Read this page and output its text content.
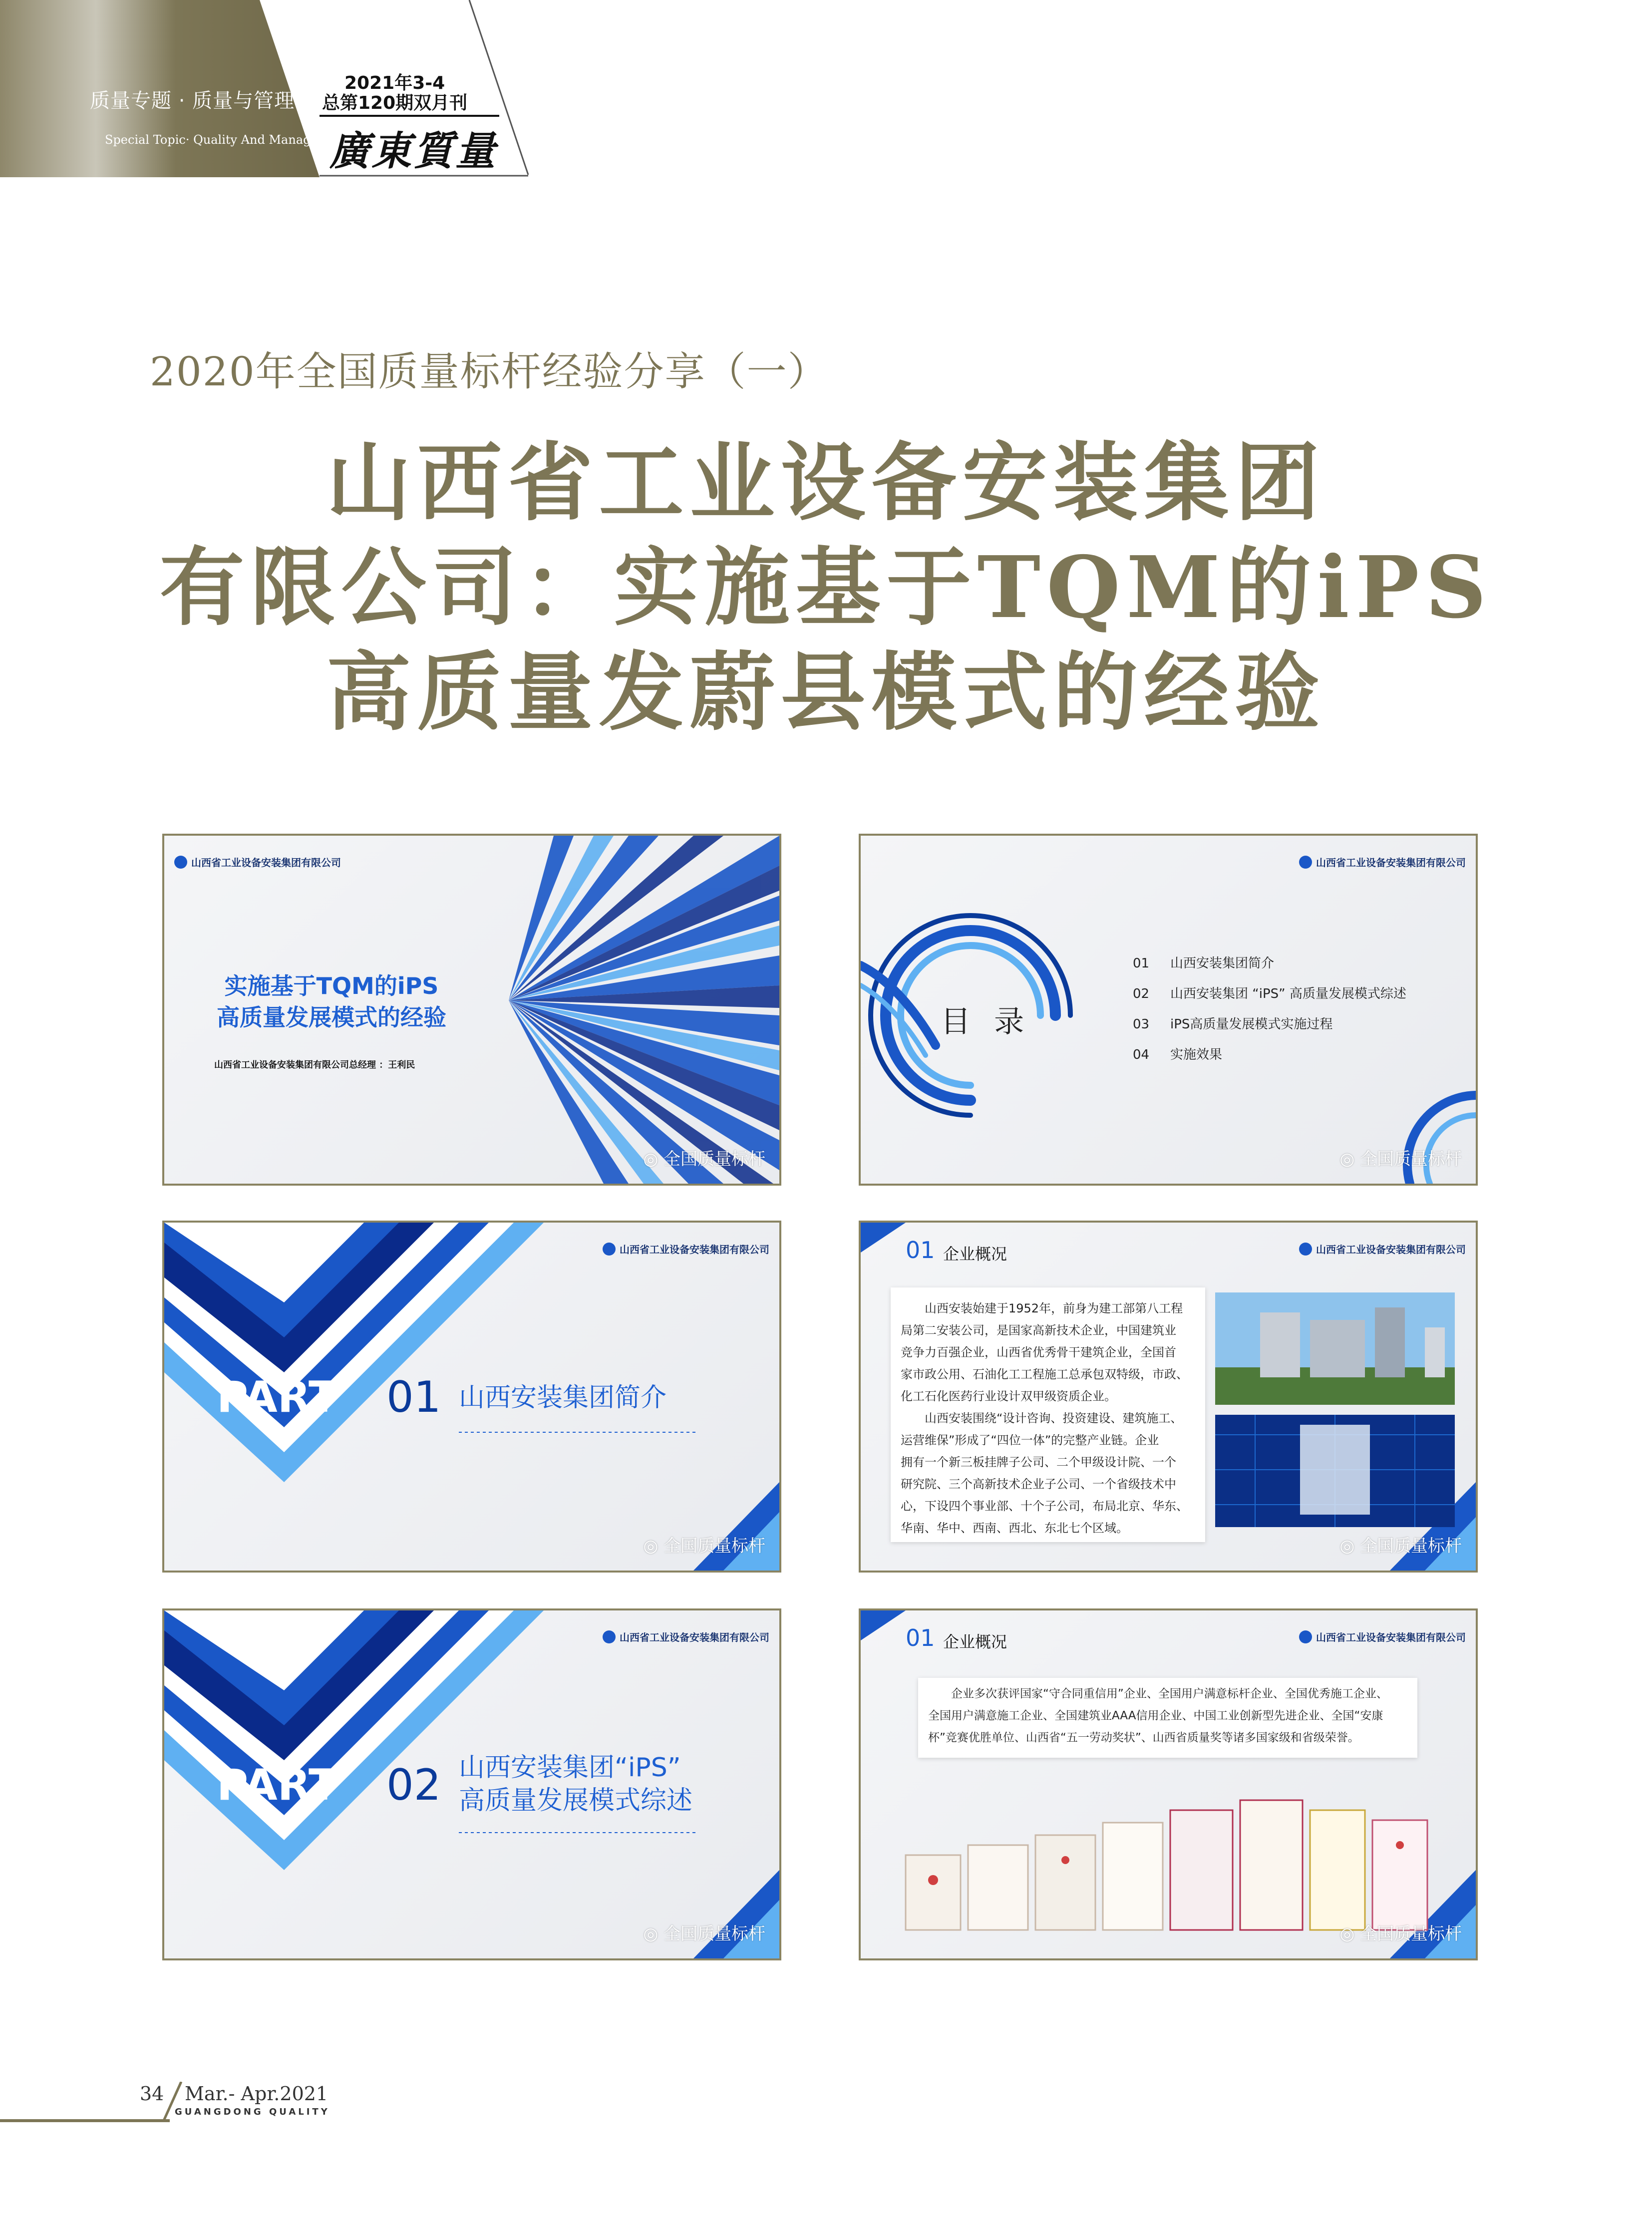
质量专题 · 质量与管理
Special Topic· Quality And Management
2021年3-4
总第120期双月刊
廣東質量
2020年全国质量标杆经验分享（一）
山西省工业设备安装集团
有限公司：实施基于TQM的iPS
高质量发蔚县模式的经验
山西省工业设备安装集团有限公司
实施基于TQM的iPS
高质量发展模式的经验
山西省工业设备安装集团有限公司总经理 ：王利民
◎ 全国质量标杆
山西省工业设备安装集团有限公司
目 录
01 山西安装集团简介
02 山西安装集团 “iPS” 高质量发展模式综述
03 iPS高质量发展模式实施过程
04 实施效果
◎ 全国质量标杆
山西省工业设备安装集团有限公司
PART 01 山西安装集团简介
◎ 全国质量标杆
山西省工业设备安装集团有限公司
01 企业概况
山西安装始建于1952年，前身为建工部第八工程
局第二安装公司，是国家高新技术企业，中国建筑业
竞争力百强企业，山西省优秀骨干建筑企业，全国首
家市政公用、石油化工工程施工总承包双特级，市政、
化工石化医药行业设计双甲级资质企业。
山西安装围绕“设计咨询、投资建设、建筑施工、
运营维保”形成了“四位一体”的完整产业链。企业
拥有一个新三板挂牌子公司、二个甲级设计院、一个
研究院、三个高新技术企业子公司、一个省级技术中
心，下设四个事业部、十个子公司，布局北京、华东、
华南、华中、西南、西北、东北七个区域。
◎ 全国质量标杆
山西省工业设备安装集团有限公司
PART 02 山西安装集团“iPS”
高质量发展模式综述
◎ 全国质量标杆
山西省工业设备安装集团有限公司
01 企业概况
企业多次获评国家“守合同重信用”企业、全国用户满意标杆企业、全国优秀施工企业、
全国用户满意施工企业、全国建筑业AAA信用企业、中国工业创新型先进企业、全国“安康
杯”竞赛优胜单位、山西省“五一劳动奖状”、山西省质量奖等诸多国家级和省级荣誉。
◎ 全国质量标杆
34 Mar.- Apr.2021
GUANGDONG QUALITY
